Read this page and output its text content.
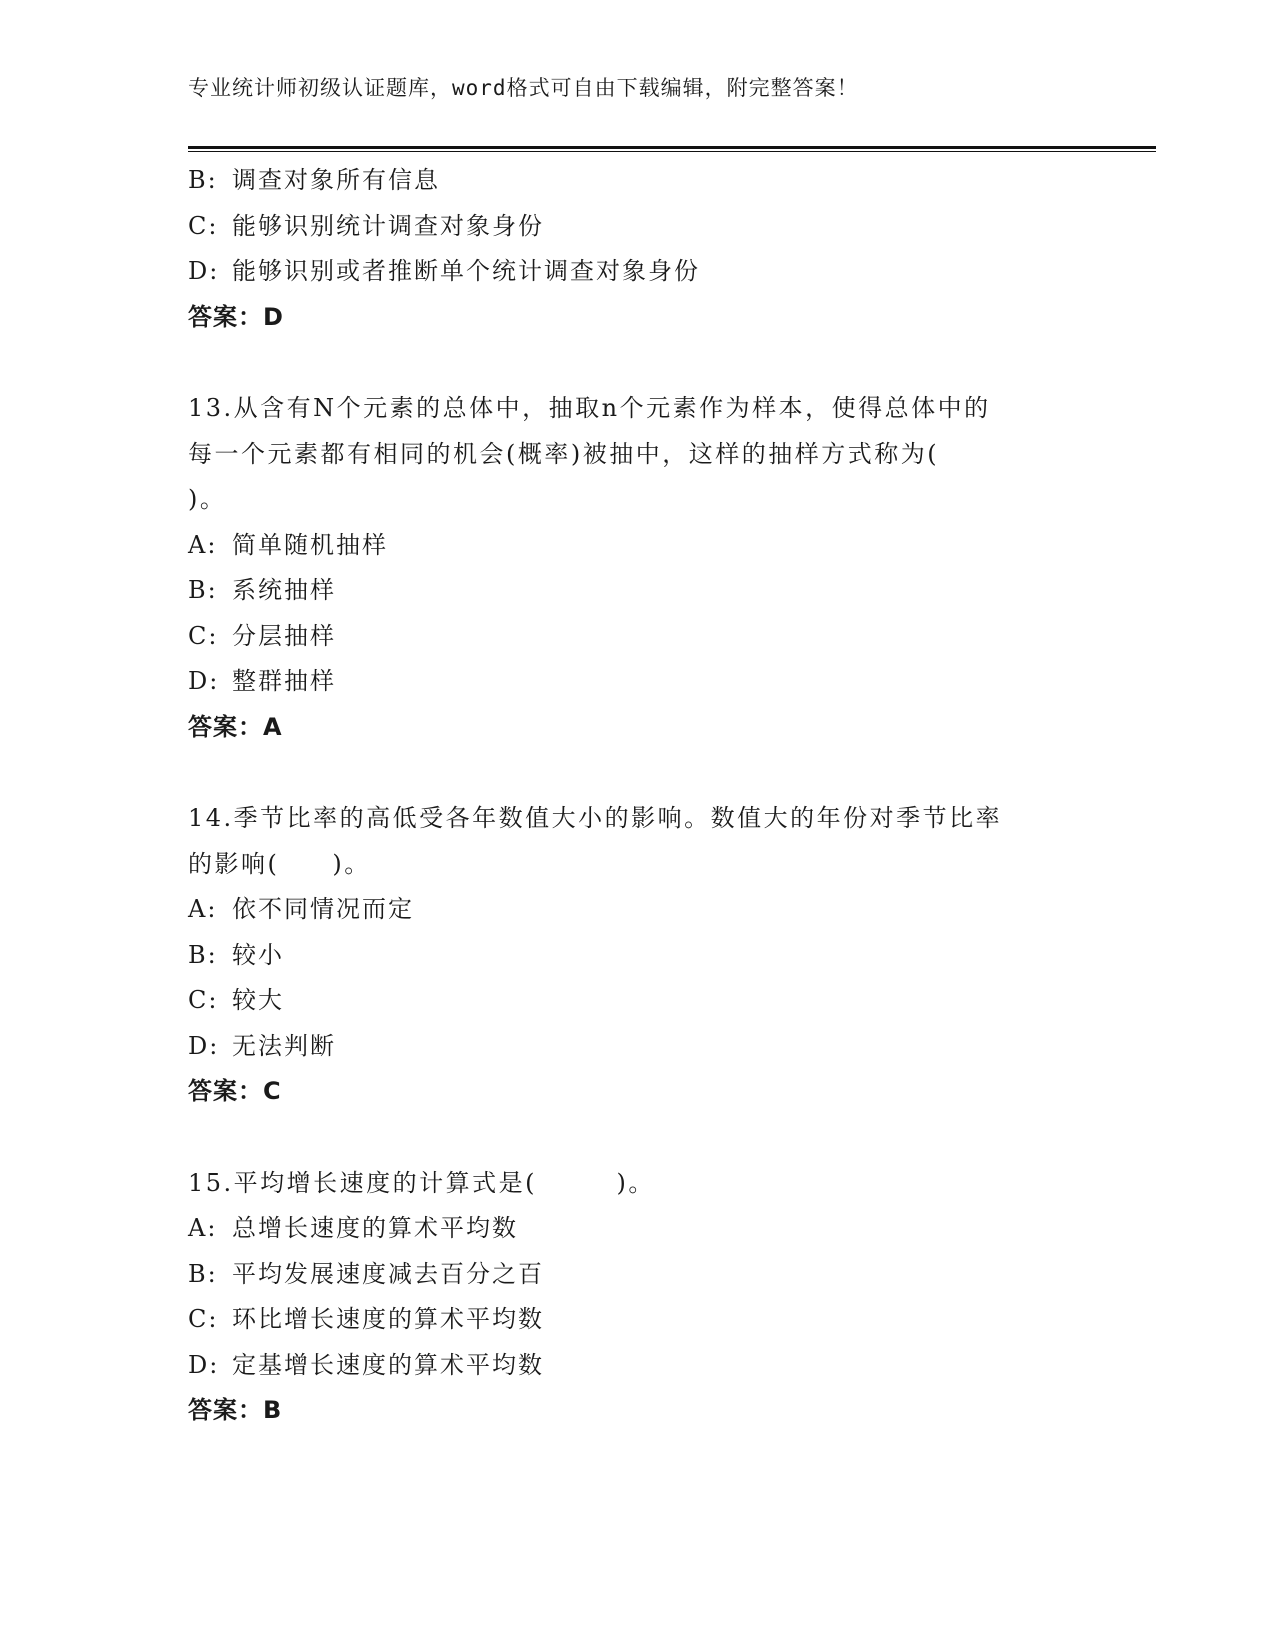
专业统计师初级认证题库，word格式可自由下载编辑，附完整答案！
B: 调查对象所有信息
C: 能够识别统计调查对象身份
D: 能够识别或者推断单个统计调查对象身份
答案：D
13.从含有N个元素的总体中，抽取n个元素作为样本，使得总体中的
每一个元素都有相同的机会(概率)被抽中，这样的抽样方式称为(
)。
A: 简单随机抽样
B: 系统抽样
C: 分层抽样
D: 整群抽样
答案：A
14.季节比率的高低受各年数值大小的影响。数值大的年份对季节比率
的影响(　　)。
A: 依不同情况而定
B: 较小
C: 较大
D: 无法判断
答案：C
15.平均增长速度的计算式是(　　　)。
A: 总增长速度的算术平均数
B: 平均发展速度减去百分之百
C: 环比增长速度的算术平均数
D: 定基增长速度的算术平均数
答案：B
